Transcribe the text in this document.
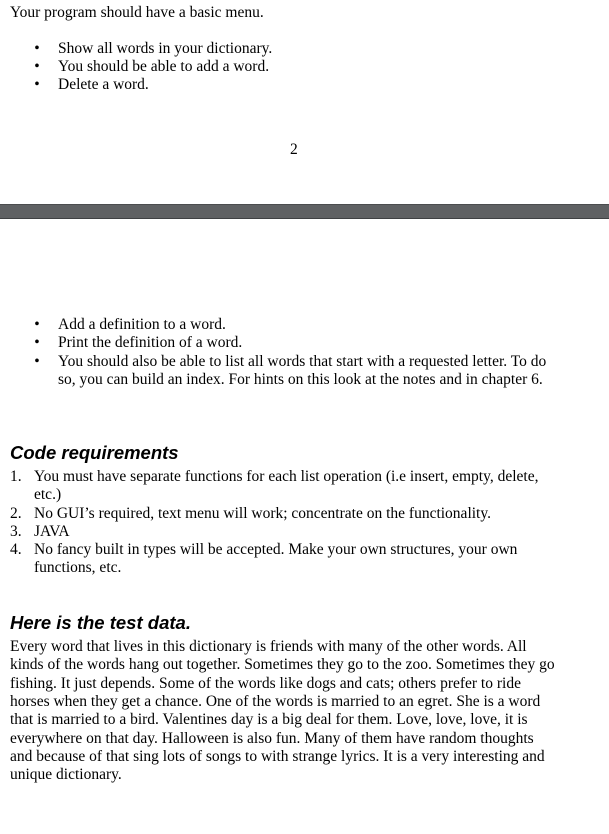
Your program should have a basic menu.
• Show all words in your dictionary.
• You should be able to add a word.
• Delete a word.
2
• Add a definition to a word.
• Print the definition of a word.
• You should also be able to list all words that start with a requested letter. To do
so, you can build an index. For hints on this look at the notes and in chapter 6.
Code requirements
1. You must have separate functions for each list operation (i.e insert, empty, delete,
etc.)
2. No GUI’s required, text menu will work; concentrate on the functionality.
3. JAVA
4. No fancy built in types will be accepted. Make your own structures, your own
functions, etc.
Here is the test data.
Every word that lives in this dictionary is friends with many of the other words. All
kinds of the words hang out together. Sometimes they go to the zoo. Sometimes they go
fishing. It just depends. Some of the words like dogs and cats; others prefer to ride
horses when they get a chance. One of the words is married to an egret. She is a word
that is married to a bird. Valentines day is a big deal for them. Love, love, love, it is
everywhere on that day. Halloween is also fun. Many of them have random thoughts
and because of that sing lots of songs to with strange lyrics. It is a very interesting and
unique dictionary.
